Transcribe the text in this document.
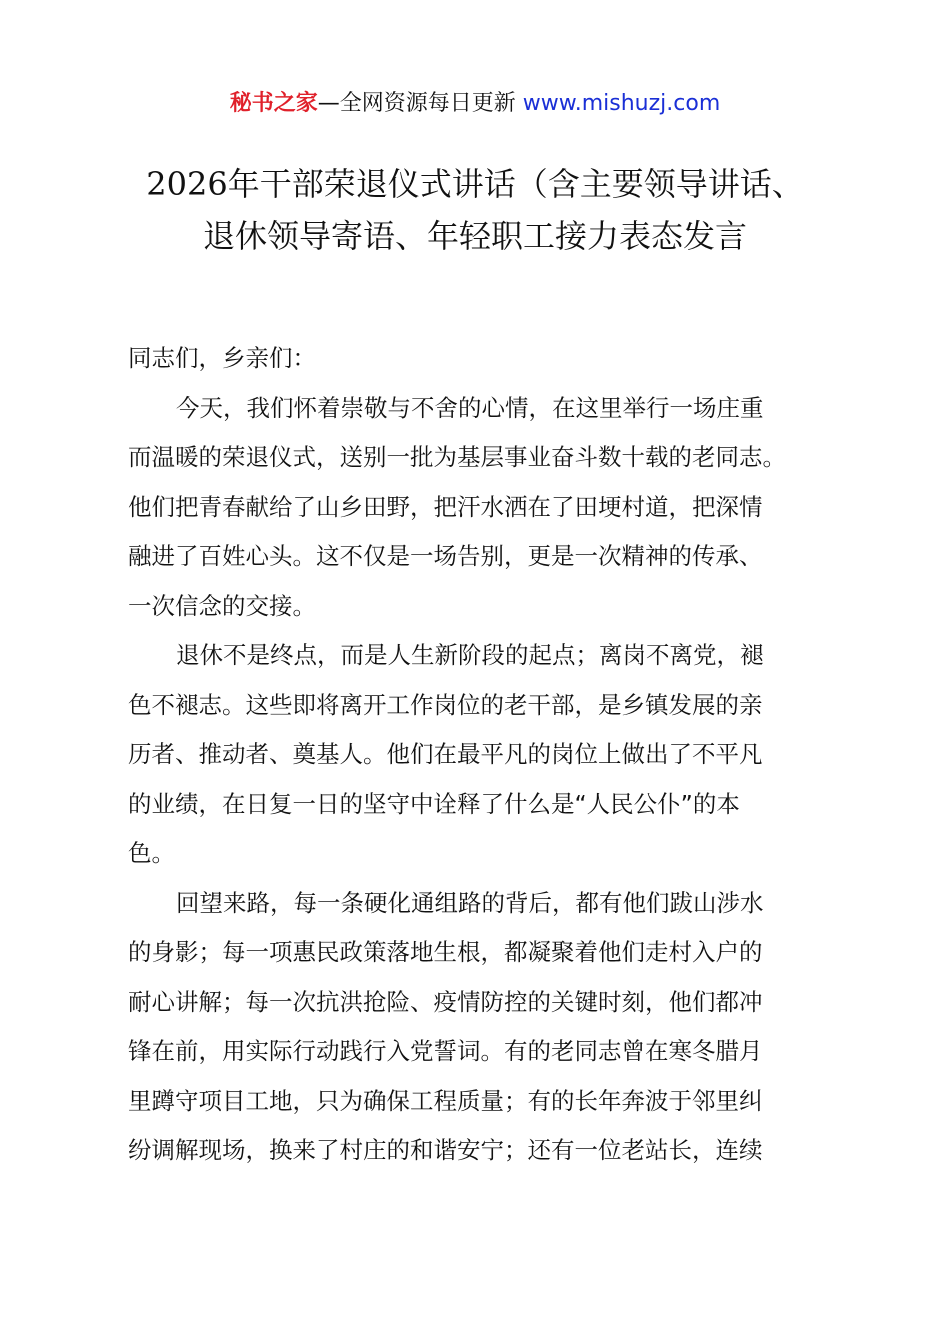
秘书之家—全网资源每日更新 www.mishuzj.com
2026年干部荣退仪式讲话（含主要领导讲话、
退休领导寄语、年轻职工接力表态发言

同志们，乡亲们：

今天，我们怀着崇敬与不舍的心情，在这里举行一场庄重
而温暖的荣退仪式，送别一批为基层事业奋斗数十载的老同志。
他们把青春献给了山乡田野，把汗水洒在了田埂村道，把深情
融进了百姓心头。这不仅是一场告别，更是一次精神的传承、
一次信念的交接。
退休不是终点，而是人生新阶段的起点；离岗不离党，褪
色不褪志。这些即将离开工作岗位的老干部，是乡镇发展的亲
历者、推动者、奠基人。他们在最平凡的岗位上做出了不平凡
的业绩，在日复一日的坚守中诠释了什么是“人民公仆”的本
色。
回望来路，每一条硬化通组路的背后，都有他们跋山涉水
的身影；每一项惠民政策落地生根，都凝聚着他们走村入户的
耐心讲解；每一次抗洪抢险、疫情防控的关键时刻，他们都冲
锋在前，用实际行动践行入党誓词。有的老同志曾在寒冬腊月
里蹲守项目工地，只为确保工程质量；有的长年奔波于邻里纠
纷调解现场，换来了村庄的和谐安宁；还有一位老站长，连续
